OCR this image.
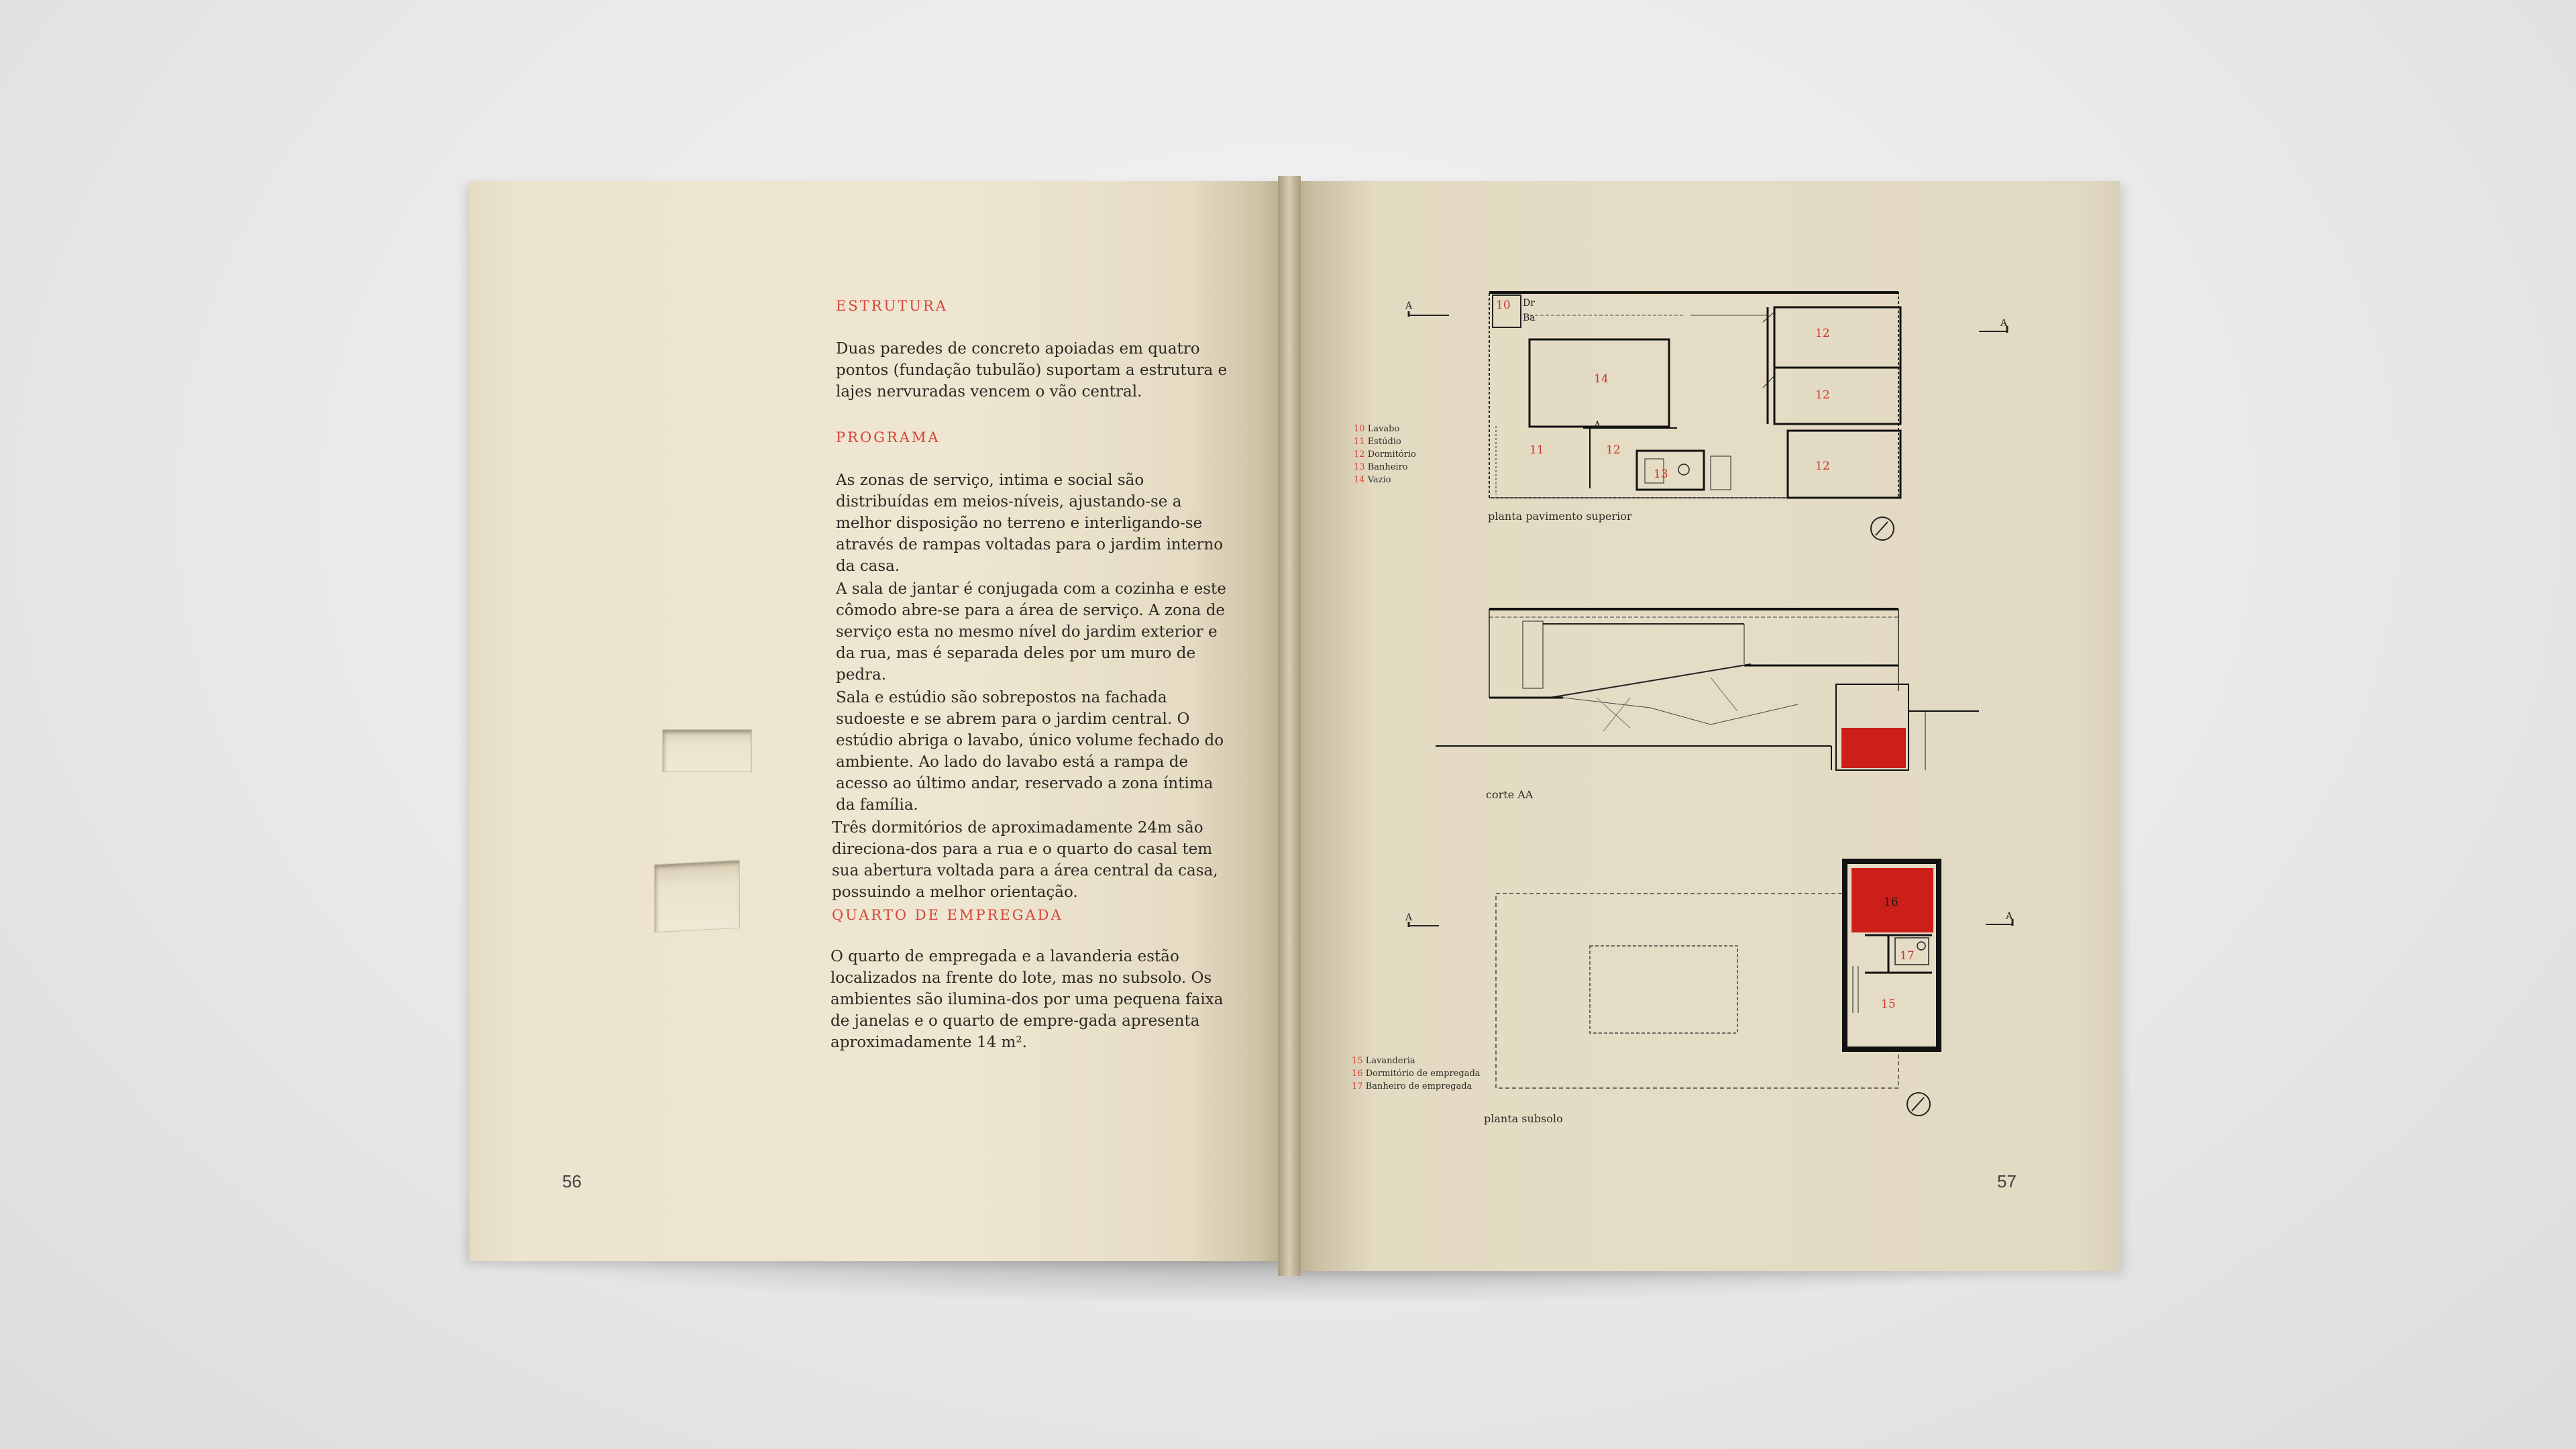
ESTRUTURA
Duas paredes de concreto apoiadas em quatro pontos (fundação tubulão) suportam a estrutura e lajes nervuradas vencem o vão central.
PROGRAMA
As zonas de serviço, intima e social são distribuídas em meios-níveis, ajustando-se a melhor disposição no terreno e interligando-se através de rampas voltadas para o jardim interno da casa.
A sala de jantar é conjugada com a cozinha e este cômodo abre-se para a área de serviço. A zona de serviço esta no mesmo nível do jardim exterior e da rua, mas é separada deles por um muro de pedra.
Sala e estúdio são sobrepostos na fachada sudoeste e se abrem para o jardim central. O estúdio abriga o lavabo, único volume fechado do ambiente. Ao lado do lavabo está a rampa de acesso ao último andar, reservado a zona íntima da família.
Três dormitórios de aproximadamente 24m são direciona-dos para a rua e o quarto do casal tem sua abertura voltada para a área central da casa, possuindo a melhor orientação.
QUARTO DE EMPREGADA
O quarto de empregada e a lavanderia estão localizados na frente do lote, mas no subsolo. Os ambientes são ilumina-dos por uma pequena faixa de janelas e o quarto de empre-gada apresenta aproximadamente 14 m².
56
A
A
10 Dr
Ba
14
11	12
13
12
12
12
A
planta pavimento superior
10 Lavabo
11 Estúdio
12 Dormitório
13 Banheiro
14 Vazio
corte AA
A	A
16
17
15
planta subsolo
15 Lavanderia
16 Dormitório de empregada
17 Banheiro de empregada
57
